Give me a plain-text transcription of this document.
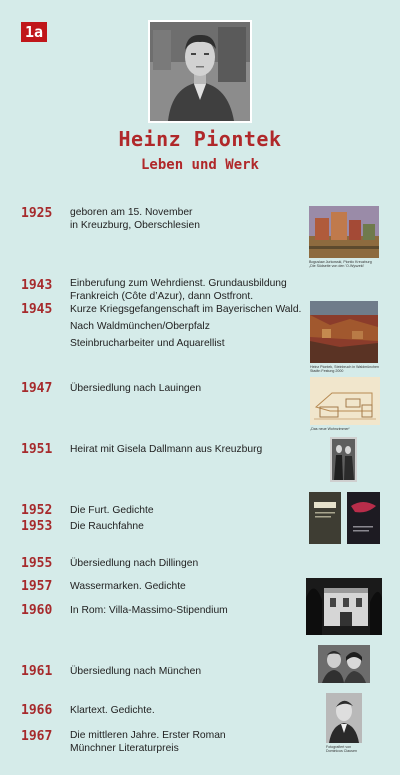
1a
Heinz Piontek
Leben und Werk
1925 geboren am 15. November
in Kreuzburg, Oberschlesien
1943 Einberufung zum Wehrdienst. Grundausbildung
Frankreich (Côte d’Azur), dann Ostfront.
1945 Kurze Kriegsgefangenschaft im Bayerischen Wald.
Nach Waldmünchen/Oberpfalz
Steinbrucharbeiter und Aquarellist
1947 Übersiedlung nach Lauingen
1951 Heirat mit Gisela Dallmann aus Kreuzburg
1952 Die Furt. Gedichte
1953 Die Rauchfahne
1955 Übersiedlung nach Dillingen
1957 Wassermarken. Gedichte
1960 In Rom: Villa-Massimo-Stipendium
1961 Übersiedlung nach München
1966 Klartext. Gedichte.
1967 Die mittleren Jahre. Erster Roman
Münchner Literaturpreis
Boguslaw Jurkowski, Piontic Kreuzburg
„Die Südseite von den 'O-Wyszeki'
Heinz Piontek, Steinbruch in Waldmünchen
Stadtn Festung 2000
„Das neue Wohnzimmer“
Fotografiert von
Dominicus Clausen
